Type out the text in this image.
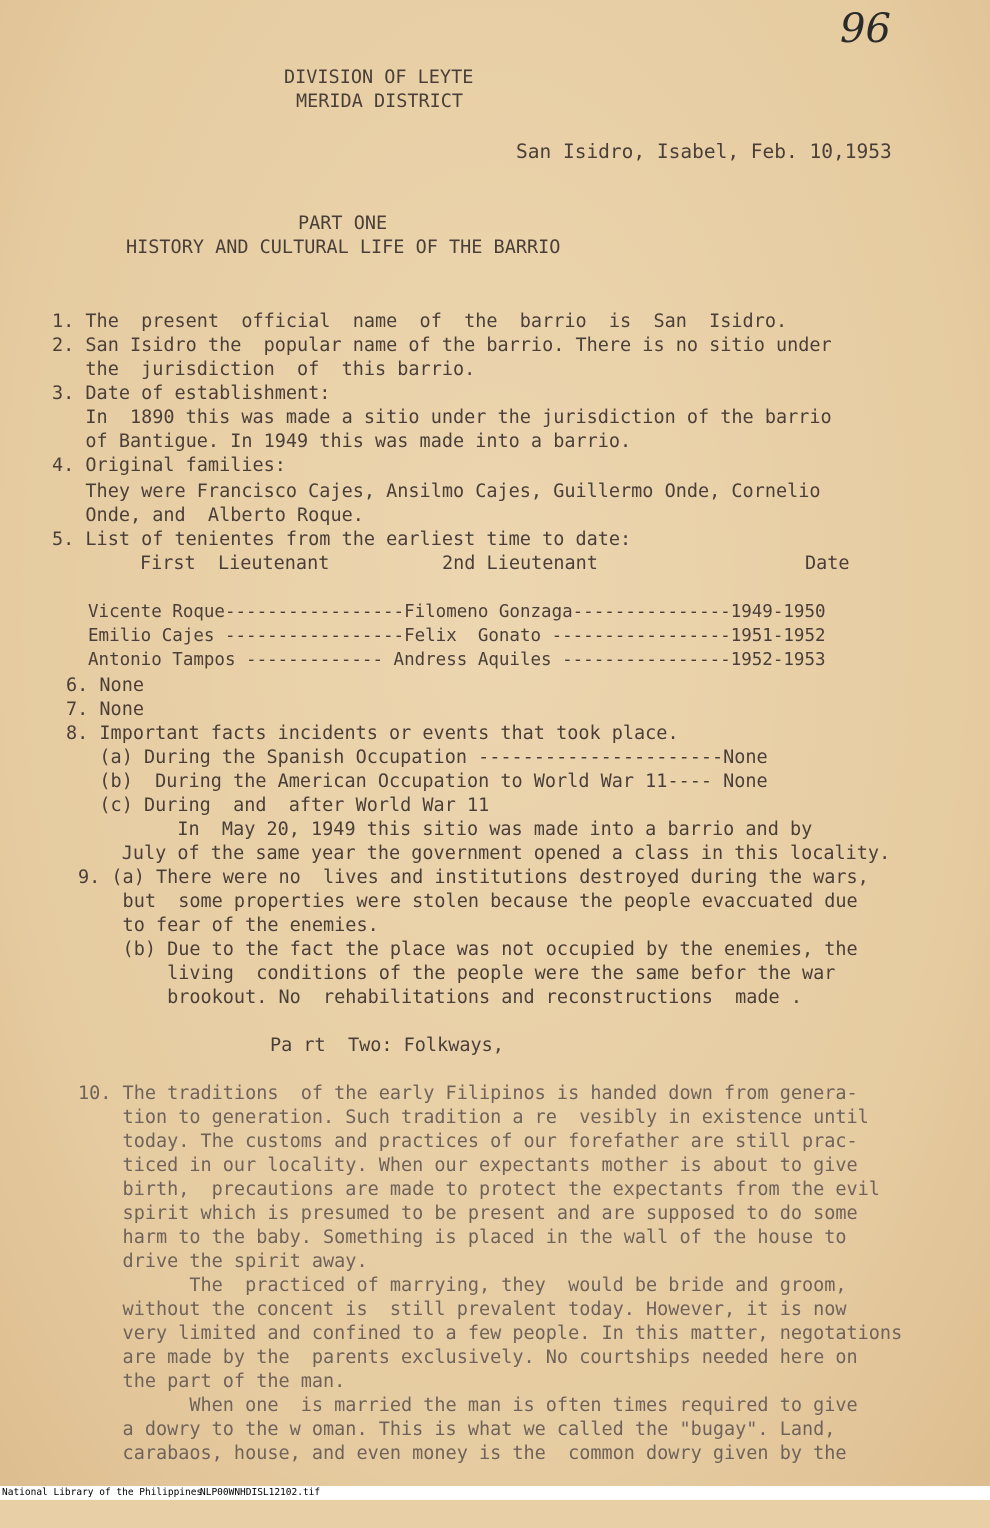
96
DIVISION OF LEYTE
MERIDA DISTRICT
San Isidro, Isabel, Feb. 10,1953
PART ONE
HISTORY AND CULTURAL LIFE OF THE BARRIO
1. The  present  official  name  of  the  barrio  is  San  Isidro.
2. San Isidro the  popular name of the barrio. There is no sitio under
the  jurisdiction  of  this barrio.
3. Date of establishment:
In  1890 this was made a sitio under the jurisdiction of the barrio
of Bantigue. In 1949 this was made into a barrio.
4. Original families:
They were Francisco Cajes, Ansilmo Cajes, Guillermo Onde, Cornelio
Onde, and  Alberto Roque.
5. List of tenientes from the earliest time to date:
First  Lieutenant	2nd Lieutenant	Date
Vicente Roque-----------------Filomeno Gonzaga---------------1949-1950
Emilio Cajes -----------------Felix  Gonato -----------------1951-1952
Antonio Tampos ------------- Andress Aquiles ----------------1952-1953
6. None
7. None
8. Important facts incidents or events that took place.
(a) During the Spanish Occupation ----------------------None
(b)  During the American Occupation to World War 11---- None
(c) During  and  after World War 11
In  May 20, 1949 this sitio was made into a barrio and by
July of the same year the government opened a class in this locality.
9. (a) There were no  lives and institutions destroyed during the wars,
but  some properties were stolen because the people evaccuated due
to fear of the enemies.
(b) Due to the fact the place was not occupied by the enemies, the
living  conditions of the people were the same befor the war
brookout. No  rehabilitations and reconstructions  made .
Pa rt  Two: Folkways,
10. The traditions  of the early Filipinos is handed down from genera-
tion to generation. Such tradition a re  vesibly in existence until
today. The customs and practices of our forefather are still prac-
ticed in our locality. When our expectants mother is about to give
birth,  precautions are made to protect the expectants from the evil
spirit which is presumed to be present and are supposed to do some
harm to the baby. Something is placed in the wall of the house to
drive the spirit away.
The  practiced of marrying, they  would be bride and groom,
without the concent is  still prevalent today. However, it is now
very limited and confined to a few people. In this matter, negotations
are made by the  parents exclusively. No courtships needed here on
the part of the man.
When one  is married the man is often times required to give
a dowry to the w oman. This is what we called the "bugay". Land,
carabaos, house, and even money is the  common dowry given by the

National Library of the Philippines

NLP00WNHDISL12102.tif
